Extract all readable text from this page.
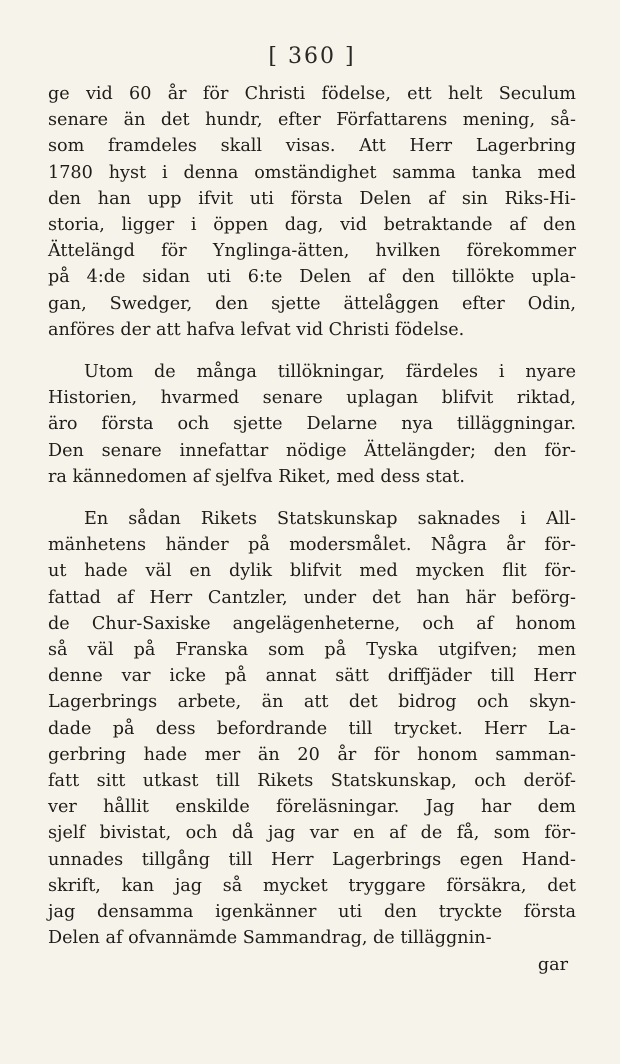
[ 360 ]

ge vid 60 år för Christi födelse, ett helt Seculum
senare än det hundr, efter Författarens mening, så-
som framdeles skall visas. Att Herr Lagerbring
1780 hyst i denna omständighet samma tanka med
den han upp ifvit uti första Delen af sin Riks-Hi-
storia, ligger i öppen dag, vid betraktande af den
Ättelängd för Ynglinga-ätten, hvilken förekommer
på 4:de sidan uti 6:te Delen af den tillökte upla-
gan, Swedger, den sjette ättelåggen efter Odin,
anföres der att hafva lefvat vid Christi födelse.

Utom de många tillökningar, färdeles i nyare
Historien, hvarmed senare uplagan blifvit riktad,
äro första och sjette Delarne nya tilläggningar.
Den senare innefattar nödige Ättelängder; den för-
ra kännedomen af sjelfva Riket, med dess stat.

En sådan Rikets Statskunskap saknades i All-
mänhetens händer på modersmålet. Några år för-
ut hade väl en dylik blifvit med mycken flit för-
fattad af Herr Cantzler, under det han här beförg-
de Chur-Saxiske angelägenheterne, och af honom
så väl på Franska som på Tyska utgifven; men
denne var icke på annat sätt driffjäder till Herr
Lagerbrings arbete, än att det bidrog och skyn-
dade på dess befordrande till trycket. Herr La-
gerbring hade mer än 20 år för honom samman-
fatt sitt utkast till Rikets Statskunskap, och deröf-
ver hållit enskilde föreläsningar. Jag har dem
sjelf bivistat, och då jag var en af de få, som för-
unnades tillgång till Herr Lagerbrings egen Hand-
skrift, kan jag så mycket tryggare försäkra, det
jag densamma igenkänner uti den tryckte första
Delen af ofvannämde Sammandrag, de tilläggnin-

gar
